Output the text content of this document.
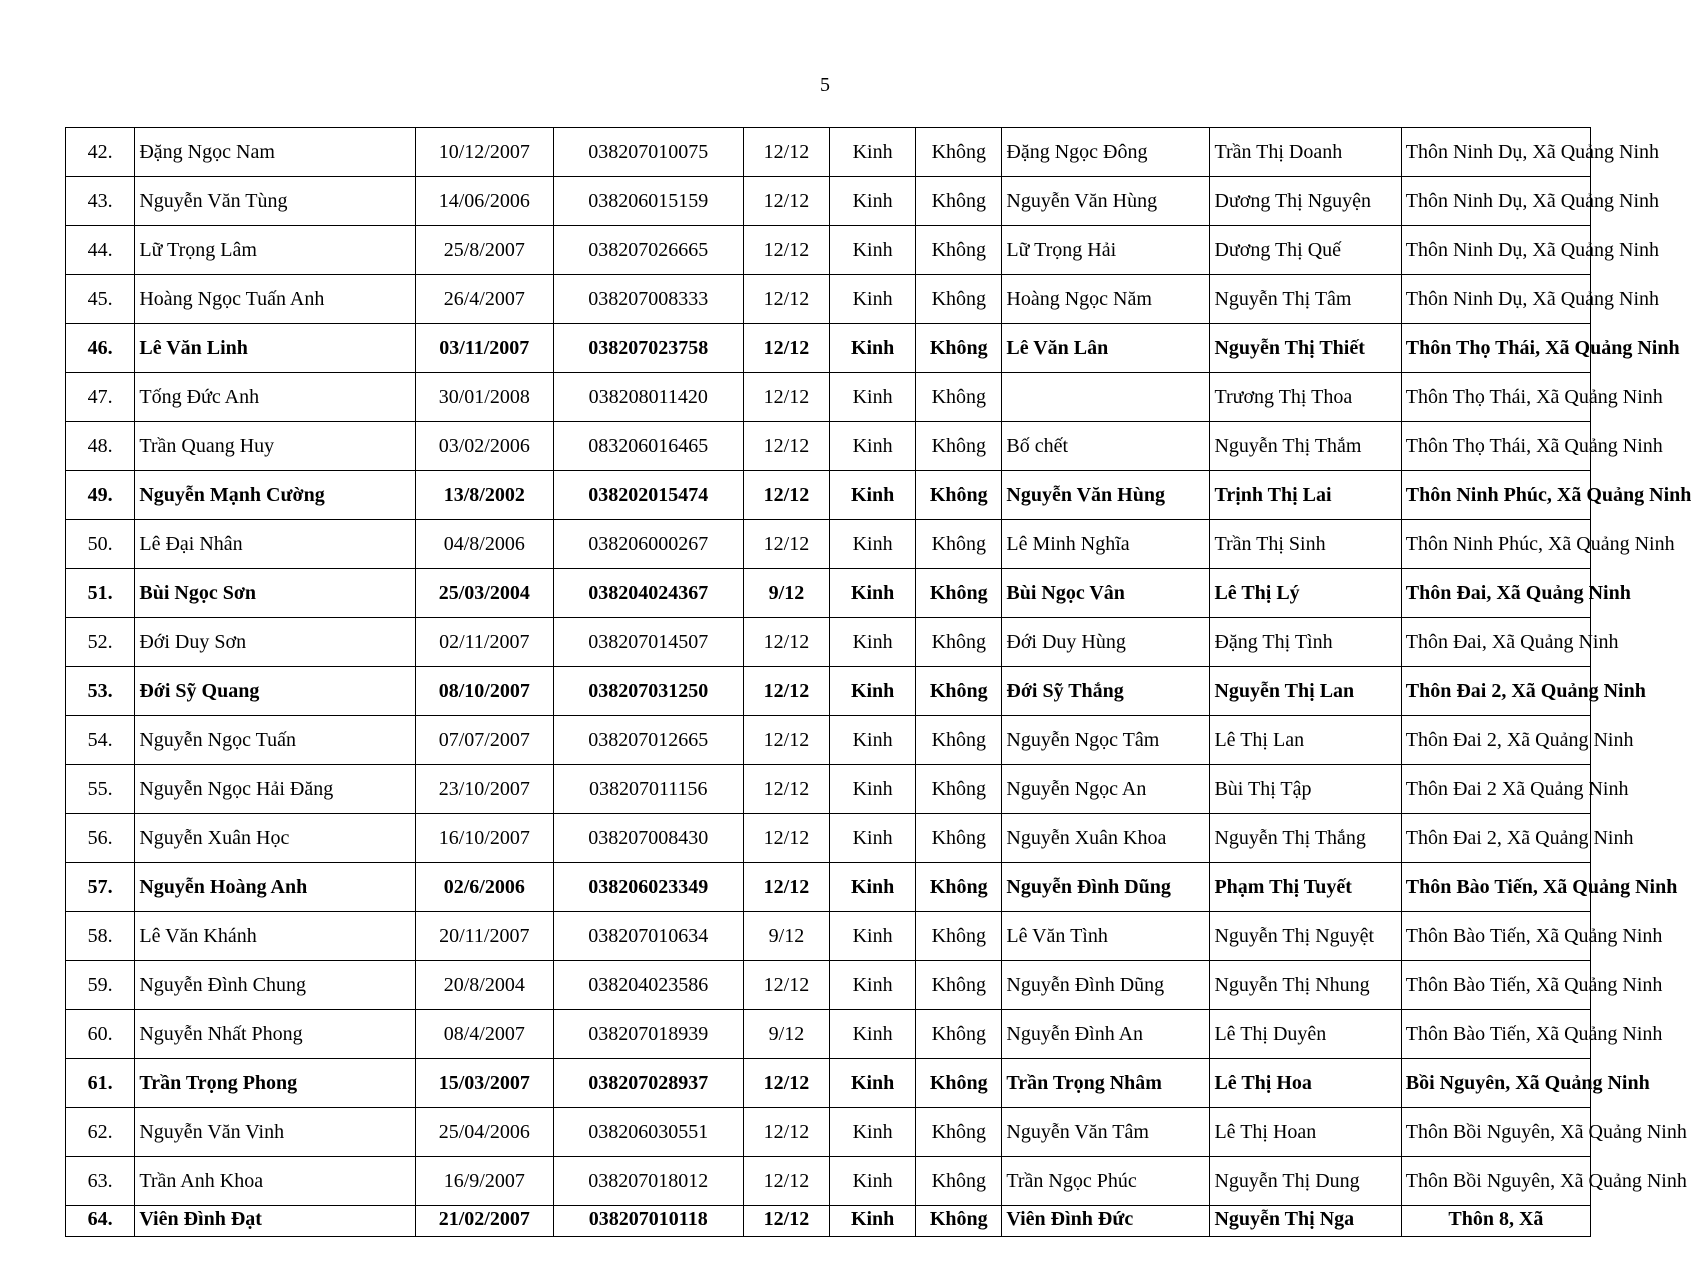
5
42.	Đặng Ngọc Nam	10/12/2007	038207010075	12/12	Kinh	Không	Đặng Ngọc Đông	Trần Thị Doanh	Thôn Ninh Dụ, Xã Quảng Ninh
43.	Nguyễn Văn Tùng	14/06/2006	038206015159	12/12	Kinh	Không	Nguyễn Văn Hùng	Dương Thị Nguyện	Thôn Ninh Dụ, Xã Quảng Ninh
44.	Lữ Trọng Lâm	25/8/2007	038207026665	12/12	Kinh	Không	Lữ Trọng Hải	Dương Thị Quế	Thôn Ninh Dụ, Xã Quảng Ninh
45.	Hoàng Ngọc Tuấn Anh	26/4/2007	038207008333	12/12	Kinh	Không	Hoàng Ngọc Năm	Nguyễn Thị Tâm	Thôn Ninh Dụ, Xã Quảng Ninh
46.	Lê Văn Linh	03/11/2007	038207023758	12/12	Kinh	Không	Lê Văn Lân	Nguyễn Thị Thiết	Thôn Thọ Thái, Xã Quảng Ninh
47.	Tống Đức Anh	30/01/2008	038208011420	12/12	Kinh	Không		Trương Thị Thoa	Thôn Thọ Thái, Xã Quảng Ninh
48.	Trần Quang Huy	03/02/2006	083206016465	12/12	Kinh	Không	Bố chết	Nguyễn Thị Thắm	Thôn Thọ Thái, Xã Quảng Ninh
49.	Nguyễn Mạnh Cường	13/8/2002	038202015474	12/12	Kinh	Không	Nguyễn Văn Hùng	Trịnh Thị Lai	Thôn Ninh Phúc, Xã Quảng Ninh
50.	Lê Đại Nhân	04/8/2006	038206000267	12/12	Kinh	Không	Lê Minh Nghĩa	Trần Thị Sinh	Thôn Ninh Phúc, Xã Quảng Ninh
51.	Bùi Ngọc Sơn	25/03/2004	038204024367	9/12	Kinh	Không	Bùi Ngọc Vân	Lê Thị Lý	Thôn Đai, Xã Quảng Ninh
52.	Đới Duy Sơn	02/11/2007	038207014507	12/12	Kinh	Không	Đới Duy Hùng	Đặng Thị Tình	Thôn Đai, Xã Quảng Ninh
53.	Đới Sỹ Quang	08/10/2007	038207031250	12/12	Kinh	Không	Đới Sỹ Thắng	Nguyễn Thị Lan	Thôn Đai 2, Xã Quảng Ninh
54.	Nguyễn Ngọc Tuấn	07/07/2007	038207012665	12/12	Kinh	Không	Nguyễn Ngọc Tâm	Lê Thị Lan	Thôn Đai 2, Xã Quảng Ninh
55.	Nguyễn Ngọc Hải Đăng	23/10/2007	038207011156	12/12	Kinh	Không	Nguyễn Ngọc An	Bùi Thị Tập	Thôn Đai 2 Xã Quảng Ninh
56.	Nguyễn Xuân Học	16/10/2007	038207008430	12/12	Kinh	Không	Nguyễn Xuân Khoa	Nguyễn Thị Thắng	Thôn Đai 2, Xã Quảng Ninh
57.	Nguyễn Hoàng Anh	02/6/2006	038206023349	12/12	Kinh	Không	Nguyễn Đình Dũng	Phạm Thị Tuyết	Thôn Bào Tiến, Xã Quảng Ninh
58.	Lê Văn Khánh	20/11/2007	038207010634	9/12	Kinh	Không	Lê Văn Tình	Nguyễn Thị Nguyệt	Thôn Bào Tiến, Xã Quảng Ninh
59.	Nguyễn Đình Chung	20/8/2004	038204023586	12/12	Kinh	Không	Nguyễn Đình Dũng	Nguyễn Thị Nhung	Thôn Bào Tiến, Xã Quảng Ninh
60.	Nguyễn Nhất Phong	08/4/2007	038207018939	9/12	Kinh	Không	Nguyễn Đình An	Lê Thị Duyên	Thôn Bào Tiến, Xã Quảng Ninh
61.	Trần Trọng Phong	15/03/2007	038207028937	12/12	Kinh	Không	Trần Trọng Nhâm	Lê Thị Hoa	Bồi Nguyên, Xã Quảng Ninh
62.	Nguyễn Văn Vinh	25/04/2006	038206030551	12/12	Kinh	Không	Nguyễn Văn Tâm	Lê Thị Hoan	Thôn Bồi Nguyên, Xã Quảng Ninh
63.	Trần Anh Khoa	16/9/2007	038207018012	12/12	Kinh	Không	Trần Ngọc Phúc	Nguyễn Thị Dung	Thôn Bồi Nguyên, Xã Quảng Ninh
64.	Viên Đình Đạt	21/02/2007	038207010118	12/12	Kinh	Không	Viên Đình Đức	Nguyễn Thị Nga	Thôn 8, Xã
